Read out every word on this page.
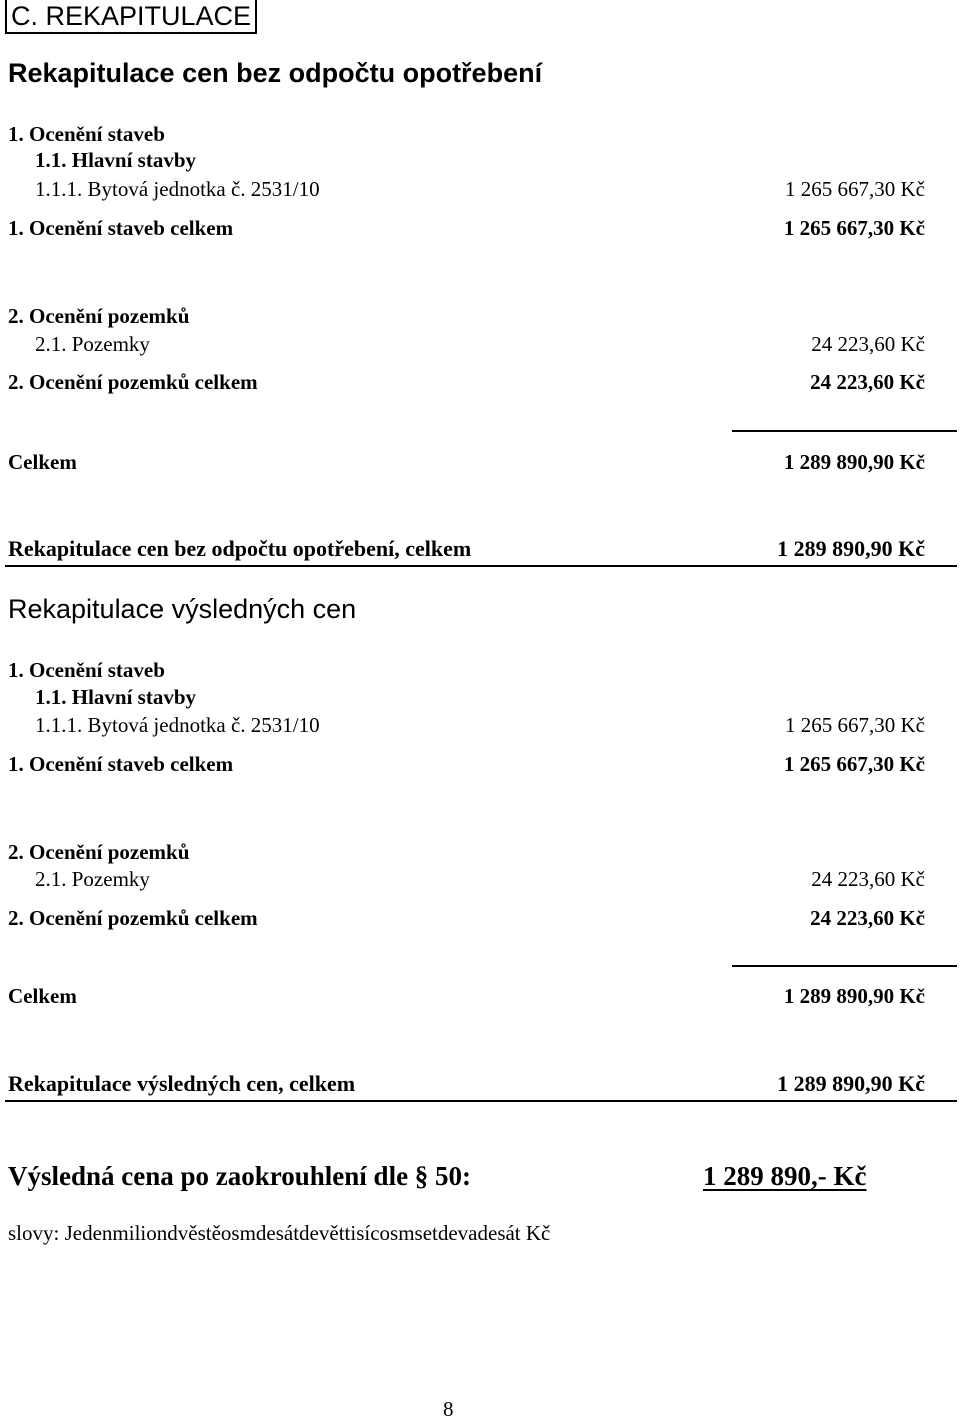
C. REKAPITULACE
Rekapitulace cen bez odpočtu opotřebení
1. Ocenění staveb
1.1. Hlavní stavby
1.1.1. Bytová jednotka č. 2531/10	1 265 667,30 Kč
1. Ocenění staveb celkem	1 265 667,30 Kč
2. Ocenění pozemků
2.1. Pozemky	24 223,60 Kč
2. Ocenění pozemků celkem	24 223,60 Kč
Celkem	1 289 890,90 Kč
Rekapitulace cen bez odpočtu opotřebení, celkem	1 289 890,90 Kč
Rekapitulace výsledných cen
1. Ocenění staveb
1.1. Hlavní stavby
1.1.1. Bytová jednotka č. 2531/10	1 265 667,30 Kč
1. Ocenění staveb celkem	1 265 667,30 Kč
2. Ocenění pozemků
2.1. Pozemky	24 223,60 Kč
2. Ocenění pozemků celkem	24 223,60 Kč
Celkem	1 289 890,90 Kč
Rekapitulace výsledných cen, celkem	1 289 890,90 Kč
Výsledná cena po zaokrouhlení dle § 50:	1 289 890,- Kč
slovy: Jedenmiliondvěstěosmdesátdevěttisícosmsetdevadesát Kč
8
